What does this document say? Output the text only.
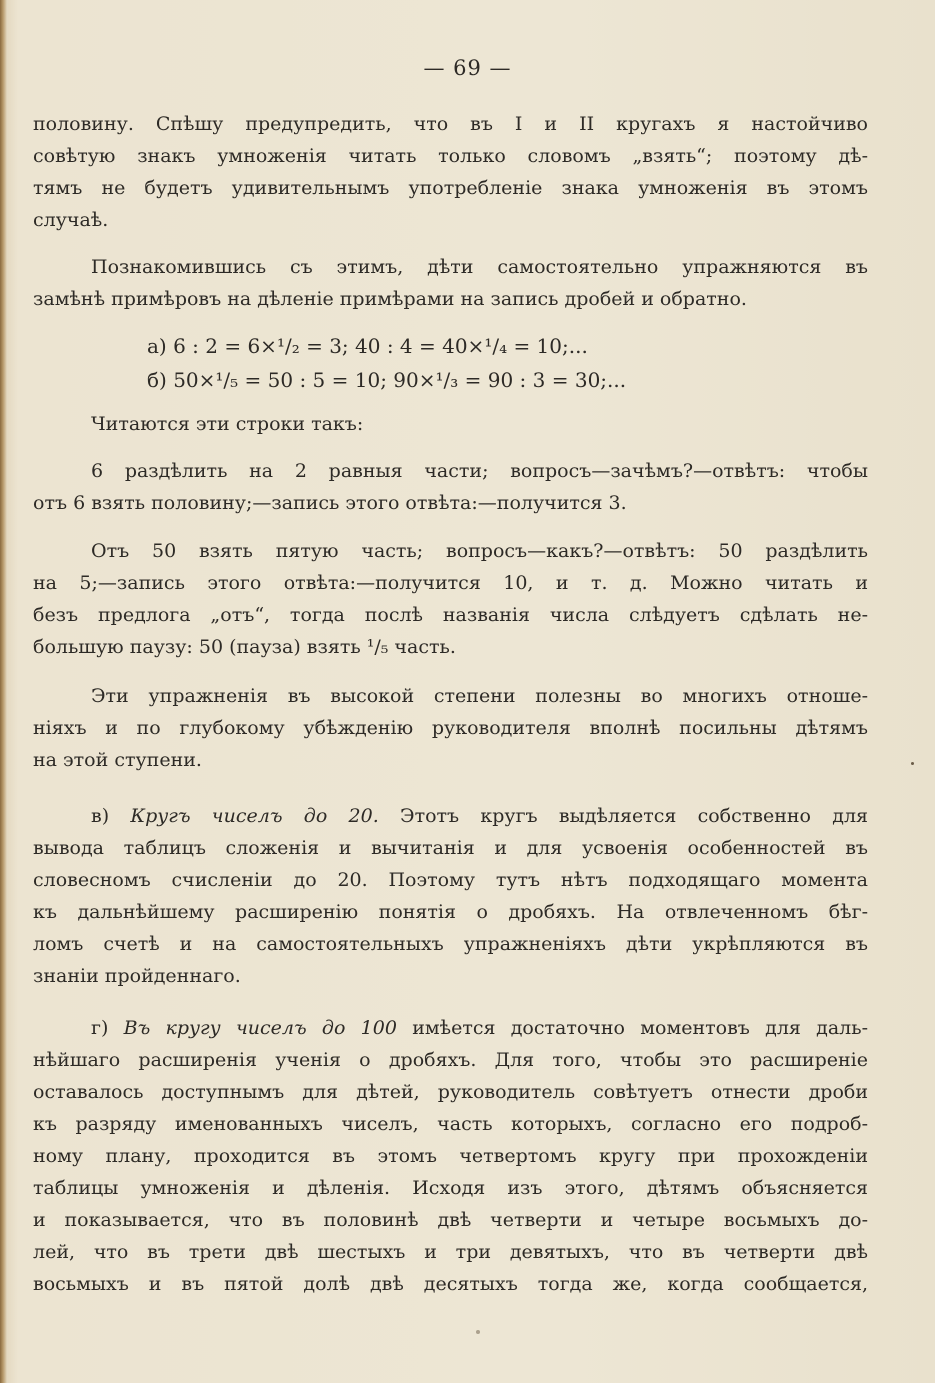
— 69 —
половину. Спѣшу предупредить, что въ I и II кругахъ я настойчиво
совѣтую знакъ умноженія читать только словомъ „взять“; поэтому дѣ-
тямъ не будетъ удивительнымъ употребленіе знака умноженія въ этомъ
случаѣ.
Познакомившись съ этимъ, дѣти самостоятельно упражняются въ
замѣнѣ примѣровъ на дѣленіе примѣрами на запись дробей и обратно.
а) 6 : 2 = 6×¹/₂ = 3; 40 : 4 = 40×¹/₄ = 10;...
б) 50×¹/₅ = 50 : 5 = 10; 90×¹/₃ = 90 : 3 = 30;...
Читаются эти строки такъ:
6 раздѣлить на 2 равныя части; вопросъ—зачѣмъ?—отвѣтъ: чтобы
отъ 6 взять половину;—запись этого отвѣта:—получится 3.
Отъ 50 взять пятую часть; вопросъ—какъ?—отвѣтъ: 50 раздѣлить
на 5;—запись этого отвѣта:—получится 10, и т. д. Можно читать и
безъ предлога „отъ“, тогда послѣ названія числа слѣдуетъ сдѣлать не-
большую паузу: 50 (пауза) взять ¹/₅ часть.
Эти упражненія въ высокой степени полезны во многихъ отноше-
ніяхъ и по глубокому убѣжденію руководителя вполнѣ посильны дѣтямъ
на этой ступени.
в) Кругъ чиселъ до 20. Этотъ кругъ выдѣляется собственно для
вывода таблицъ сложенія и вычитанія и для усвоенія особенностей въ
словесномъ счисленіи до 20. Поэтому тутъ нѣтъ подходящаго момента
къ дальнѣйшему расширенію понятія о дробяхъ. На отвлеченномъ бѣг-
ломъ счетѣ и на самостоятельныхъ упражненіяхъ дѣти укрѣпляются въ
знаніи пройденнаго.
г) Въ кругу чиселъ до 100 имѣется достаточно моментовъ для даль-
нѣйшаго расширенія ученія о дробяхъ. Для того, чтобы это расширеніе
оставалось доступнымъ для дѣтей, руководитель совѣтуетъ отнести дроби
къ разряду именованныхъ чиселъ, часть которыхъ, согласно его подроб-
ному плану, проходится въ этомъ четвертомъ кругу при прохожденіи
таблицы умноженія и дѣленія. Исходя изъ этого, дѣтямъ объясняется
и показывается, что въ половинѣ двѣ четверти и четыре восьмыхъ до-
лей, что въ трети двѣ шестыхъ и три девятыхъ, что въ четверти двѣ
восьмыхъ и въ пятой долѣ двѣ десятыхъ тогда же, когда сообщается,
